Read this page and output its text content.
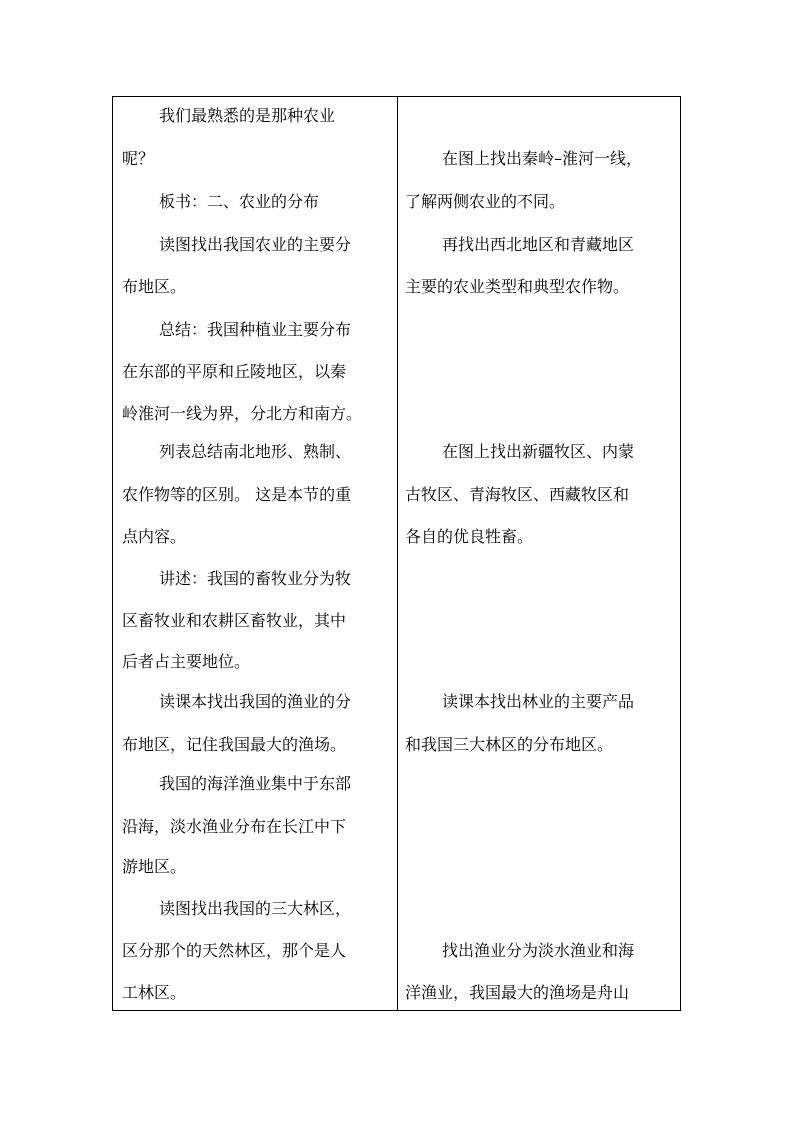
我们最熟悉的是那种农业
呢？
板书：二、农业的分布
读图找出我国农业的主要分
布地区。
总结：我国种植业主要分布
在东部的平原和丘陵地区，以秦
岭淮河一线为界，分北方和南方。
列表总结南北地形、熟制、
农作物等的区别。 这是本节的重
点内容。
讲述：我国的畜牧业分为牧
区畜牧业和农耕区畜牧业，其中
后者占主要地位。
读课本找出我国的渔业的分
布地区，记住我国最大的渔场。
我国的海洋渔业集中于东部
沿海，淡水渔业分布在长江中下
游地区。
读图找出我国的三大林区，
区分那个的天然林区，那个是人
工林区。
在图上找出秦岭–淮河一线，
了解两侧农业的不同。
再找出西北地区和青藏地区
主要的农业类型和典型农作物。
在图上找出新疆牧区、内蒙
古牧区、青海牧区、西藏牧区和
各自的优良牲畜。
读课本找出林业的主要产品
和我国三大林区的分布地区。
找出渔业分为淡水渔业和海
洋渔业，我国最大的渔场是舟山
